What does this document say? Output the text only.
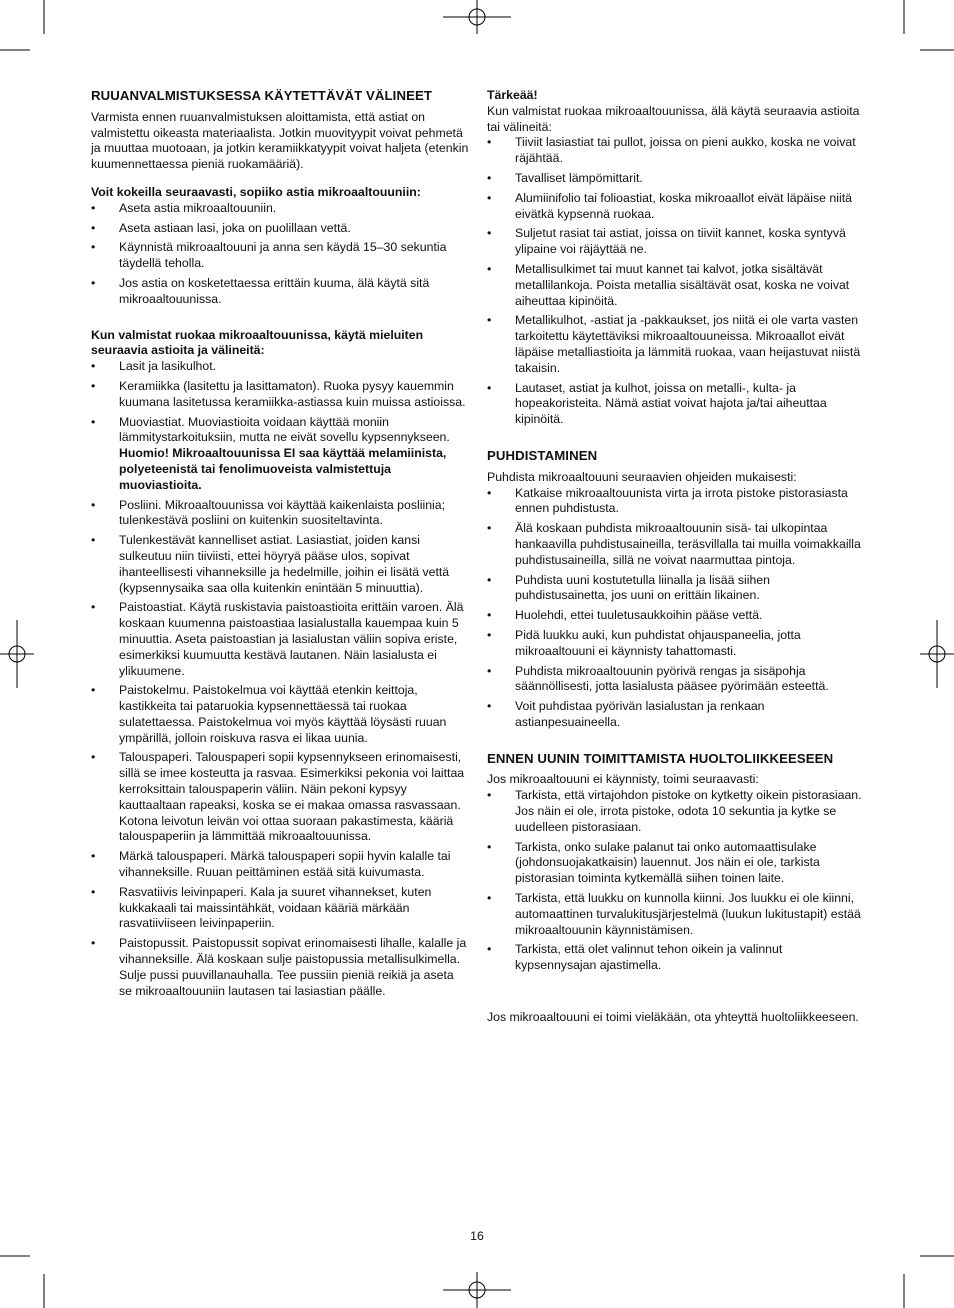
RUUANVALMISTUKSESSA KÄYTETTÄVÄT VÄLINEET

Varmista ennen ruuanvalmistuksen aloittamista, että astiat on valmistettu oikeasta materiaalista. Jotkin muovityypit voivat pehmetä ja muuttaa muotoaan, ja jotkin keramiikkatyypit voivat haljeta (etenkin kuumennettaessa pieniä ruokamääriä).

Voit kokeilla seuraavasti, sopiiko astia mikroaaltouuniin:

• Aseta astia mikroaaltouuniin.
• Aseta astiaan lasi, joka on puolillaan vettä.
• Käynnistä mikroaaltouuni ja anna sen käydä 15–30 sekuntia täydellä teholla.
• Jos astia on kosketettaessa erittäin kuuma, älä käytä sitä mikroaaltouunissa.

Kun valmistat ruokaa mikroaaltouunissa, käytä mieluiten seuraavia astioita ja välineitä:

• Lasit ja lasikulhot.
• Keramiikka (lasitettu ja lasittamaton). Ruoka pysyy kauemmin kuumana lasitetussa keramiikka-astiassa kuin muissa astioissa.
• Muoviastiat. Muoviastioita voidaan käyttää moniin lämmitystarkoituksiin, mutta ne eivät sovellu kypsennykseen. Huomio! Mikroaaltouunissa EI saa käyttää melamiinista, polyeteenistä tai fenolimuoveista valmistettuja muoviastioita.
• Posliini. Mikroaaltouunissa voi käyttää kaikenlaista posliinia; tulenkestävä posliini on kuitenkin suositeltavinta.
• Tulenkestävät kannelliset astiat. Lasiastiat, joiden kansi sulkeutuu niin tiiviisti, ettei höyryä pääse ulos, sopivat ihanteellisesti vihanneksille ja hedelmille, joihin ei lisätä vettä (kypsennysaika saa olla kuitenkin enintään 5 minuuttia).
• Paistoastiat. Käytä ruskistavia paistoastioita erittäin varoen. Älä koskaan kuumenna paistoastiaa lasialustalla kauempaa kuin 5 minuuttia. Aseta paistoastian ja lasialustan väliin sopiva eriste, esimerkiksi kuumuutta kestävä lautanen. Näin lasialusta ei ylikuumene.
• Paistokelmu. Paistokelmua voi käyttää etenkin keittoja, kastikkeita tai pataruokia kypsennettäessä tai ruokaa sulatettaessa. Paistokelmua voi myös käyttää löysästi ruuan ympärillä, jolloin roiskuva rasva ei likaa uunia.
• Talouspaperi. Talouspaperi sopii kypsennykseen erinomaisesti, sillä se imee kosteutta ja rasvaa. Esimerkiksi pekonia voi laittaa kerroksittain talouspaperin väliin. Näin pekoni kypsyy kauttaaltaan rapeaksi, koska se ei makaa omassa rasvassaan. Kotona leivotun leivän voi ottaa suoraan pakastimesta, kääriä talouspaperiin ja lämmittää mikroaaltouunissa.
• Märkä talouspaperi. Märkä talouspaperi sopii hyvin kalalle tai vihanneksille. Ruuan peittäminen estää sitä kuivumasta.
• Rasvatiivis leivinpaperi. Kala ja suuret vihannekset, kuten kukkakaali tai maissintähkät, voidaan kääriä märkään rasvatiiviiseen leivinpaperiin.
• Paistopussit. Paistopussit sopivat erinomaisesti lihalle, kalalle ja vihanneksille. Älä koskaan sulje paistopussia metallisulkimella. Sulje pussi puuvillanauhalla. Tee pussiin pieniä reikiä ja aseta se mikroaaltouuniin lautasen tai lasiastian päälle.

Tärkeää!

Kun valmistat ruokaa mikroaaltouunissa, älä käytä seuraavia astioita tai välineitä:

• Tiiviit lasiastiat tai pullot, joissa on pieni aukko, koska ne voivat räjähtää.
• Tavalliset lämpömittarit.
• Alumiinifolio tai folioastiat, koska mikroaallot eivät läpäise niitä eivätkä kypsennä ruokaa.
• Suljetut rasiat tai astiat, joissa on tiiviit kannet, koska syntyvä ylipaine voi räjäyttää ne.
• Metallisulkimet tai muut kannet tai kalvot, jotka sisältävät metallilankoja. Poista metallia sisältävät osat, koska ne voivat aiheuttaa kipinöitä.
• Metallikulhot, -astiat ja -pakkaukset, jos niitä ei ole varta vasten tarkoitettu käytettäviksi mikroaaltouuneissa. Mikroaallot eivät läpäise metalliastioita ja lämmitä ruokaa, vaan heijastuvat niistä takaisin.
• Lautaset, astiat ja kulhot, joissa on metalli-, kulta- ja hopeakoristeita. Nämä astiat voivat hajota ja/tai aiheuttaa kipinöitä.
PUHDISTAMINEN

Puhdista mikroaaltouuni seuraavien ohjeiden mukaisesti:

• Katkaise mikroaaltouunista virta ja irrota pistoke pistorasiasta ennen puhdistusta.
• Älä koskaan puhdista mikroaaltouunin sisä- tai ulkopintaa hankaavilla puhdistusaineilla, teräsvillalla tai muilla voimakkailla puhdistusaineilla, sillä ne voivat naarmuttaa pintoja.
• Puhdista uuni kostutetulla liinalla ja lisää siihen puhdistusainetta, jos uuni on erittäin likainen.
• Huolehdi, ettei tuuletusaukkoihin pääse vettä.
• Pidä luukku auki, kun puhdistat ohjauspaneelia, jotta mikroaaltouuni ei käynnisty tahattomasti.
• Puhdista mikroaaltouunin pyörivä rengas ja sisäpohja säännöllisesti, jotta lasialusta pääsee pyörimään esteettä.
• Voit puhdistaa pyörivän lasialustan ja renkaan astianpesuaineella.
ENNEN UUNIN TOIMITTAMISTA HUOLTOLIIKKEESEEN

Jos mikroaaltouuni ei käynnisty, toimi seuraavasti:

• Tarkista, että virtajohdon pistoke on kytketty oikein pistorasiaan. Jos näin ei ole, irrota pistoke, odota 10 sekuntia ja kytke se uudelleen pistorasiaan.
• Tarkista, onko sulake palanut tai onko automaattisulake (johdonsuojakatkaisin) lauennut. Jos näin ei ole, tarkista pistorasian toiminta kytkemällä siihen toinen laite.
• Tarkista, että luukku on kunnolla kiinni. Jos luukku ei ole kiinni, automaattinen turvalukitusjärjestelmä (luukun lukitustapit) estää mikroaaltouunin käynnistämisen.
• Tarkista, että olet valinnut tehon oikein ja valinnut kypsennysajan ajastimella.

Jos mikroaaltouuni ei toimi vieläkään, ota yhteyttä huoltoliikkeeseen.

16
